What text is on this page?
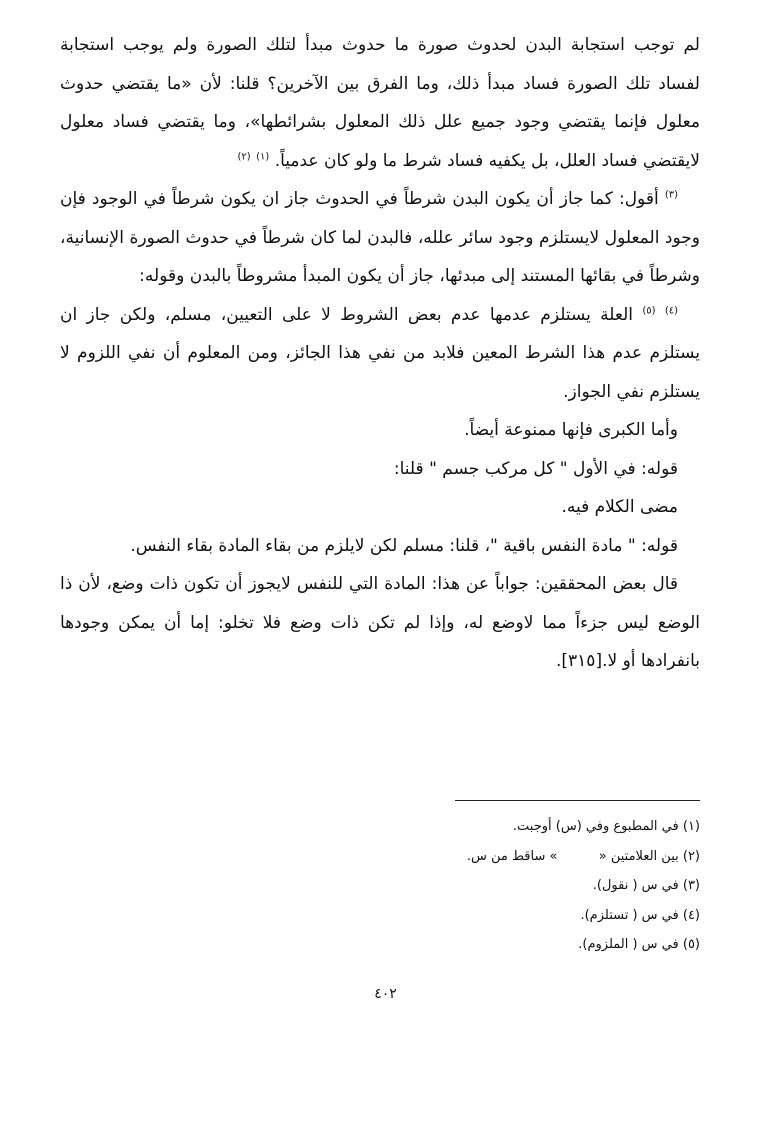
لم توجب استجابة البدن لحدوث صورة ما حدوث مبدأ لتلك الصورة ولم يوجب استجابة لفساد تلك الصورة فساد مبدأ ذلك، وما الفرق بين الآخرين؟ قلنا: لأن «ما يقتضي حدوث معلول فإنما يقتضي وجود جميع علل ذلك المعلول بشرائطها»، وما يقتضي فساد معلول لايقتضي فساد العلل، بل يكفيه فساد شرط ما ولو كان عدمياً. $^{(١)}$ $^{(٢)}$

$^{(٣)}$ أقول: كما جاز أن يكون البدن شرطاً في الحدوث جاز ان يكون شرطاً في الوجود فإن وجود المعلول لايستلزم وجود سائر علله، فالبدن لما كان شرطاً في حدوث الصورة الإنسانية، وشرطاً في بقائها المستند إلى مبدئها، جاز أن يكون المبدأ مشروطاً بالبدن وقوله:

$^{(٤)}$ $^{(٥)}$ العلة يستلزم عدمها عدم بعض الشروط لا على التعيين، مسلم، ولكن جاز ان يستلزم عدم هذا الشرط المعين فلابد من نفي هذا الجائز، ومن المعلوم أن نفي اللزوم لا يستلزم نفي الجواز.

وأما الكبرى فإنها ممنوعة أيضاً.

قوله: في الأول " كل مركب جسم " قلنا:

مضى الكلام فيه.

قوله: " مادة النفس باقية "، قلنا: مسلم لكن لايلزم من بقاء المادة بقاء النفس.

قال بعض المحققين: جواباً عن هذا: المادة التي للنفس لايجوز أن تكون ذات وضع، لأن ذا الوضع ليس جزءاً مما لاوضع له، وإذا لم تكن ذات وضع فلا تخلو: إما أن يمكن وجودها بانفرادها أو لا.[٣١٥].

(١) في المطبوع وفي (س) أوجبت.
(٢) بين العلامتين «          » ساقط من س.
(٣) في س ( نقول).
(٤) في س ( تستلزم).
(٥) في س ( الملزوم).
٤٠٢
